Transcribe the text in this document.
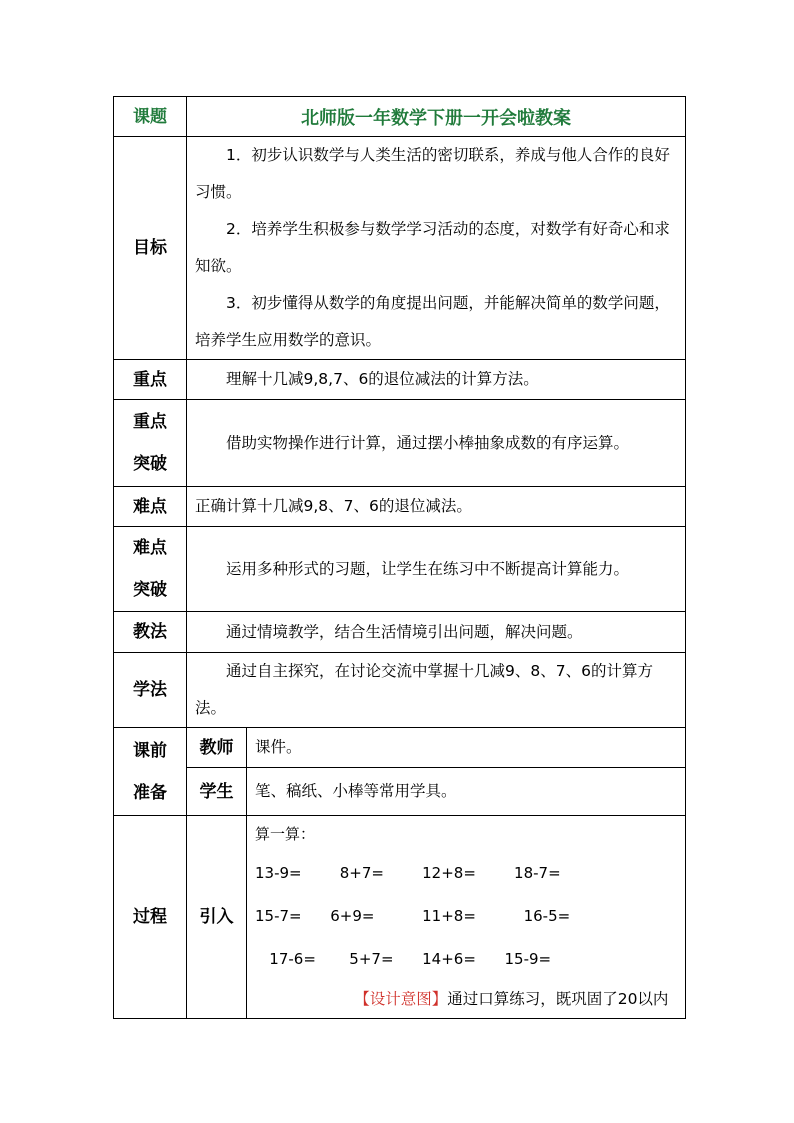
课题	北师版一年数学下册一开会啦教案	
目标	1．初步认识数学与人类生活的密切联系，养成与他人合作的良好习惯。

2．培养学生积极参与数学学习活动的态度，对数学有好奇心和求知欲。

3．初步懂得从数学的角度提出问题，并能解决简单的数学问题，培养学生应用数学的意识。	

重点	理解十几减9,8,7、6的退位减法的计算方法。	

重点
突破	借助实物操作进行计算，通过摆小棒抽象成数的有序运算。	

难点	正确计算十几减9,8、7、6的退位减法。	

难点
突破	运用多种形式的习题，让学生在练习中不断提高计算能力。	

教法	通过情境教学，结合生活情境引出问题，解决问题。	

学法	通过自主探究，在讨论交流中掌握十几减9、8、7、6的计算方法。	

课前
准备	教师	课件。

	学生	笔、稿纸、小棒等常用学具。

过程	引入	算一算：

13-9=        8+7=        12+8=        18-7=

15-7=      6+9=          11+8=          16-5=

17-6=       5+7=      14+6=      15-9=

【设计意图】通过口算练习，既巩固了20以内
